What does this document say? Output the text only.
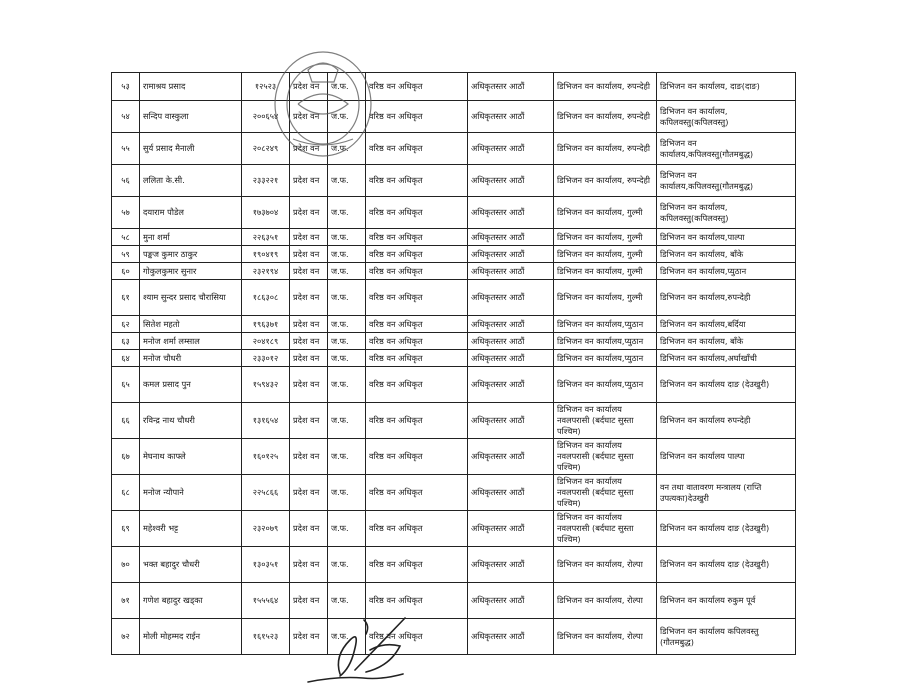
५३	रामाश्रय प्रसाद	१२५२३	प्रदेश वन	ज.फ.	वरिष्ठ वन अधिकृत	अधिकृतस्तर आठौं	डिभिजन वन कार्यालय, रुपन्देही	डिभिजन वन कार्यालय, दाङ(दाङ)
५४	सन्दिप वास्कुला	२००६५४	प्रदेश वन	ज.फ.	वरिष्ठ वन अधिकृत	अधिकृतस्तर आठौं	डिभिजन वन कार्यालय, रुपन्देही	डिभिजन वन कार्यालय, कपिलवस्तु(कपिलवस्तु)
५५	सुर्य प्रसाद मैनाली	२०८२४९	प्रदेश वन	ज.फ.	वरिष्ठ वन अधिकृत	अधिकृतस्तर आठौं	डिभिजन वन कार्यालय, रुपन्देही	डिभिजन वन कार्यालय,कपिलवस्तु(गौतमबुद्ध)
५६	ललिता के.सी.	२३३२२१	प्रदेश वन	ज.फ.	वरिष्ठ वन अधिकृत	अधिकृतस्तर आठौं	डिभिजन वन कार्यालय, रुपन्देही	डिभिजन वन कार्यालय,कपिलवस्तु(गौतमबुद्ध)
५७	दयाराम पौडेल	१७३७०४	प्रदेश वन	ज.फ.	वरिष्ठ वन अधिकृत	अधिकृतस्तर आठौं	डिभिजन वन कार्यालय, गुल्मी	डिभिजन वन कार्यालय, कपिलवस्तु(कपिलवस्तु)
५८	मुना शर्मा	२२६३५१	प्रदेश वन	ज.फ.	वरिष्ठ वन अधिकृत	अधिकृतस्तर आठौं	डिभिजन वन कार्यालय, गुल्मी	डिभिजन वन कार्यालय,पाल्पा
५९	पङ्कज कुमार ठाकुर	१९०४१९	प्रदेश वन	ज.फ.	वरिष्ठ वन अधिकृत	अधिकृतस्तर आठौं	डिभिजन वन कार्यालय, गुल्मी	डिभिजन वन कार्यालय, बाँके
६०	गोकुलकुमार सुनार	२३२१९४	प्रदेश वन	ज.फ.	वरिष्ठ वन अधिकृत	अधिकृतस्तर आठौं	डिभिजन वन कार्यालय, गुल्मी	डिभिजन वन कार्यालय,प्युठान
६१	श्याम सुन्दर प्रसाद चौरासिया	१८६३०८	प्रदेश वन	ज.फ.	वरिष्ठ वन अधिकृत	अधिकृतस्तर आठौं	डिभिजन वन कार्यालय, गुल्मी	डिभिजन वन कार्यालय,रुपन्देही
६२	सितेश महतो	१९६३७१	प्रदेश वन	ज.फ.	वरिष्ठ वन अधिकृत	अधिकृतस्तर आठौं	डिभिजन वन कार्यालय,प्युठान	डिभिजन वन कार्यालय,बर्दिया
६३	मनोज शर्मा लम्साल	२०४१८९	प्रदेश वन	ज.फ.	वरिष्ठ वन अधिकृत	अधिकृतस्तर आठौं	डिभिजन वन कार्यालय,प्युठान	डिभिजन वन कार्यालय, बाँके
६४	मनोज चौधरी	२३३०१२	प्रदेश वन	ज.फ.	वरिष्ठ वन अधिकृत	अधिकृतस्तर आठौं	डिभिजन वन कार्यालय,प्युठान	डिभिजन वन कार्यालय,अर्घाखाँची
६५	कमल प्रसाद पुन	१५९४३२	प्रदेश वन	ज.फ.	वरिष्ठ वन अधिकृत	अधिकृतस्तर आठौं	डिभिजन वन कार्यालय,प्युठान	डिभिजन वन कार्यालय दाङ (देउखुरी)
६६	रविन्द्र नाथ चौधरी	१३१६५४	प्रदेश वन	ज.फ.	वरिष्ठ वन अधिकृत	अधिकृतस्तर आठौं	डिभिजन वन कार्यालय नवलपरासी (बर्दघाट सुस्ता पश्चिम)	डिभिजन वन कार्यालय रुपन्देही
६७	मेघनाथ काफ्ले	१६०१२५	प्रदेश वन	ज.फ.	वरिष्ठ वन अधिकृत	अधिकृतस्तर आठौं	डिभिजन वन कार्यालय नवलपरासी (बर्दघाट सुस्ता पश्चिम)	डिभिजन वन कार्यालय पाल्पा
६८	मनोज न्यौपाने	२२५८६६	प्रदेश वन	ज.फ.	वरिष्ठ वन अधिकृत	अधिकृतस्तर आठौं	डिभिजन वन कार्यालय नवलपरासी (बर्दघाट सुस्ता पश्चिम)	वन तथा वातावरण मन्त्रालय (राप्ति उपत्यका)देउखुरी
६९	महेश्वरी भट्ट	२३२०७९	प्रदेश वन	ज.फ.	वरिष्ठ वन अधिकृत	अधिकृतस्तर आठौं	डिभिजन वन कार्यालय नवलपरासी (बर्दघाट सुस्ता पश्चिम)	डिभिजन वन कार्यालय दाङ (देउखुरी)
७०	भक्त बहादुर चौधरी	१३०३५१	प्रदेश वन	ज.फ.	वरिष्ठ वन अधिकृत	अधिकृतस्तर आठौं	डिभिजन वन कार्यालय, रोल्पा	डिभिजन वन कार्यालय दाङ (देउखुरी)
७१	गणेश बहादुर खड्का	१५५५६४	प्रदेश वन	ज.फ.	वरिष्ठ वन अधिकृत	अधिकृतस्तर आठौं	डिभिजन वन कार्यालय, रोल्पा	डिभिजन वन कार्यालय रुकुम पूर्व
७२	मोली मोहम्मद राईन	१६१५२३	प्रदेश वन	ज.फ.	वरिष्ठ वन अधिकृत	अधिकृतस्तर आठौं	डिभिजन वन कार्यालय, रोल्पा	डिभिजन वन कार्यालय कपिलवस्तु (गौतमबुद्ध)
